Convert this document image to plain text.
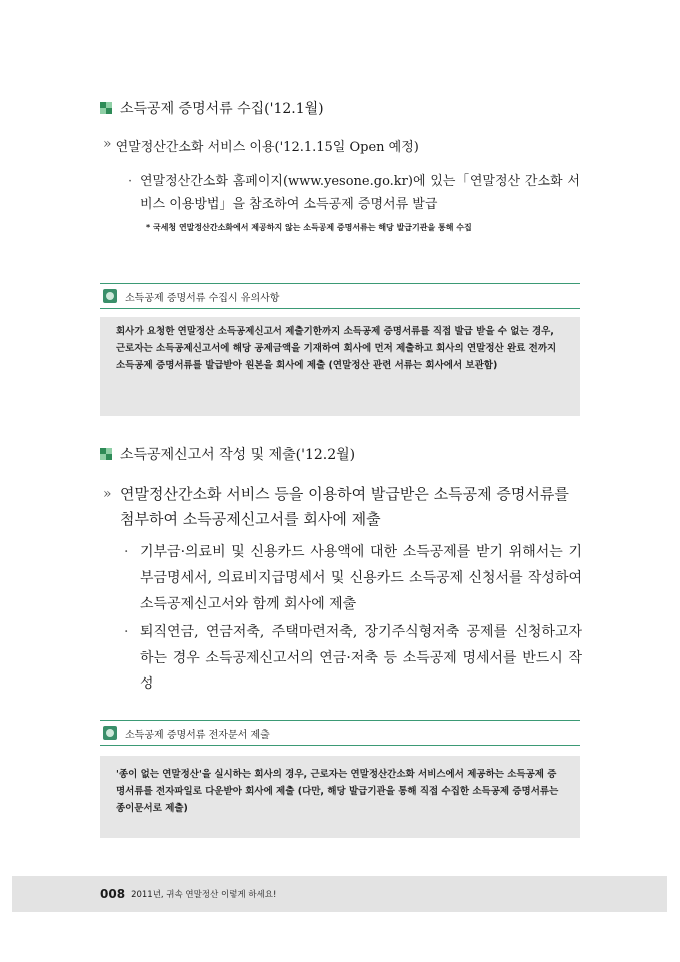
소득공제 증명서류 수집('12.1월)
» 연말정산간소화 서비스 이용('12.1.15일 Open 예정)
· 연말정산간소화 홈페이지(www.yesone.go.kr)에 있는「연말정산 간소화 서비스 이용방법」을 참조하여 소득공제 증명서류 발급
* 국세청 연말정산간소화에서 제공하지 않는 소득공제 증명서류는 해당 발급기관을 통해 수집
소득공제 증명서류 수집시 유의사항
회사가 요청한 연말정산 소득공제신고서 제출기한까지 소득공제 증명서류를 직접 발급 받을 수 없는 경우, 근로자는 소득공제신고서에 해당 공제금액을 기재하여 회사에 먼저 제출하고 회사의 연말정산 완료 전까지 소득공제 증명서류를 발급받아 원본을 회사에 제출 (연말정산 관련 서류는 회사에서 보관함)
소득공제신고서 작성 및 제출('12.2월)
» 연말정산간소화 서비스 등을 이용하여 발급받은 소득공제 증명서류를 첨부하여 소득공제신고서를 회사에 제출
· 기부금·의료비 및 신용카드 사용액에 대한 소득공제를 받기 위해서는 기부금명세서, 의료비지급명세서 및 신용카드 소득공제 신청서를 작성하여 소득공제신고서와 함께 회사에 제출
· 퇴직연금, 연금저축, 주택마련저축, 장기주식형저축 공제를 신청하고자 하는 경우 소득공제신고서의 연금·저축 등 소득공제 명세서를 반드시 작성
소득공제 증명서류 전자문서 제출
'종이 없는 연말정산'을 실시하는 회사의 경우, 근로자는 연말정산간소화 서비스에서 제공하는 소득공제 증명서류를 전자파일로 다운받아 회사에 제출 (다만, 해당 발급기관을 통해 직접 수집한 소득공제 증명서류는 종이문서로 제출)
008 2011년, 귀속 연말정산 이렇게 하세요!
